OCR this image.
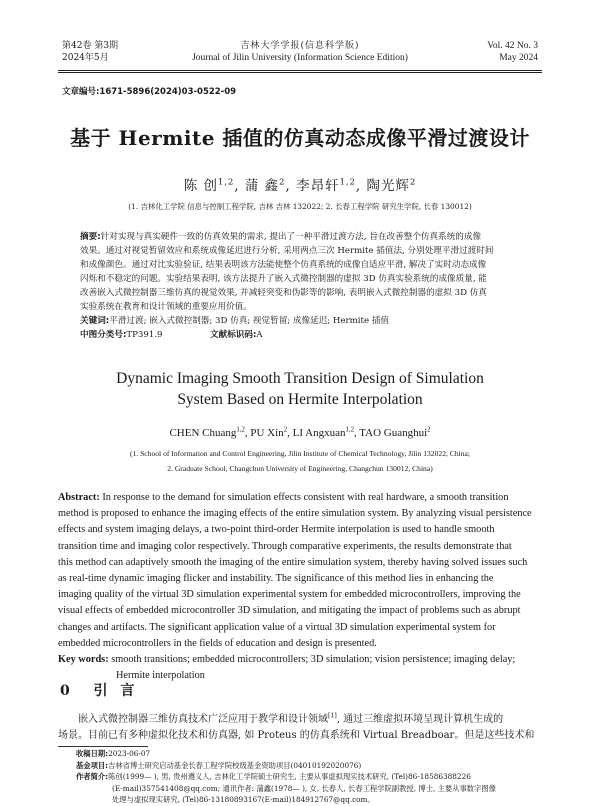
第42卷 第3期
2024年5月
吉林大学学报(信息科学版)
Journal of Jilin University (Information Science Edition)
Vol. 42 No. 3
May 2024
文章编号:1671-5896(2024)03-0522-09
基于 Hermite 插值的仿真动态成像平滑过渡设计
陈 创$^{1,2}$, 蒲 鑫$^2$, 李昂轩$^{1,2}$, 陶光辉$^2$
(1. 吉林化工学院 信息与控制工程学院, 吉林 吉林 132022; 2. 长春工程学院 研究生学院, 长春 130012)
摘要:针对实现与真实硬件一致的仿真效果的需求, 提出了一种平滑过渡方法, 旨在改善整个仿真系统的成像
效果。通过对视觉暂留效应和系统成像延迟进行分析, 采用两点三次 Hermite 插值法, 分别处理平滑过渡时间
和成像颜色。通过对比实验验证, 结果表明该方法能使整个仿真系统的成像自适应平滑, 解决了实时动态成像
闪烁和不稳定的问题。实验结果表明, 该方法提升了嵌入式微控制器的虚拟 3D 仿真实验系统的成像质量, 能
改善嵌入式微控制器三维仿真的视觉效果, 并减轻突变和伪影等的影响, 表明嵌入式微控制器的虚拟 3D 仿真
实验系统在教育和设计领域的重要应用价值。
关键词:平滑过渡; 嵌入式微控制器; 3D 仿真; 视觉暂留; 成像延迟; Hermite 插值
中图分类号:TP391.9	文献标识码:A
Dynamic Imaging Smooth Transition Design of Simulation
System Based on Hermite Interpolation
CHEN Chuang$^{1,2}$, PU Xin$^2$, LI Angxuan$^{1,2}$, TAO Guanghui$^2$
(1. School of Information and Control Engineering, Jilin Institute of Chemical Technology, Jilin 132022, China;
2. Graduate School, Changchun University of Engineering, Changchun 130012, China)
Abstract: In response to the demand for simulation effects consistent with real hardware, a smooth transition
method is proposed to enhance the imaging effects of the entire simulation system. By analyzing visual persistence
effects and system imaging delays, a two-point third-order Hermite interpolation is used to handle smooth
transition time and imaging color respectively. Through comparative experiments, the results demonstrate that
this method can adaptively smooth the imaging of the entire simulation system, thereby having solved issues such
as real-time dynamic imaging flicker and instability. The significance of this method lies in enhancing the
imaging quality of the virtual 3D simulation experimental system for embedded microcontrollers, improving the
visual effects of embedded microcontroller 3D simulation, and mitigating the impact of problems such as abrupt
changes and artifacts. The significant application value of a virtual 3D simulation experimental system for
embedded microcontrollers in the fields of education and design is presented.
Key words: smooth transitions; embedded microcontrollers; 3D simulation; vision persistence; imaging delay;
Hermite interpolation
0 引 言
嵌入式微控制器三维仿真技术广泛应用于教学和设计领域[1], 通过三维虚拟环境呈现计算机生成的
场景。目前已有多种虚拟化技术和仿真器, 如 Proteus 的仿真系统和 Virtual Breadboar。但是这些技术和
收稿日期:2023-06-07
基金项目:吉林省博士研究启动基金长春工程学院校级基金资助项目(04010192020076)
作者简介:陈创(1999— ), 男, 贵州遵义人, 吉林化工学院硕士研究生, 主要从事虚拟现实技术研究, (Tel)86-18586388226
(E-mail)357541408@qq.com; 通讯作者: 蒲鑫(1978— ), 女, 长春人, 长春工程学院副教授, 博士, 主要从事数字图像
处理与虚拟现实研究, (Tel)86-13180893167(E-mail)184912767@qq.com。
